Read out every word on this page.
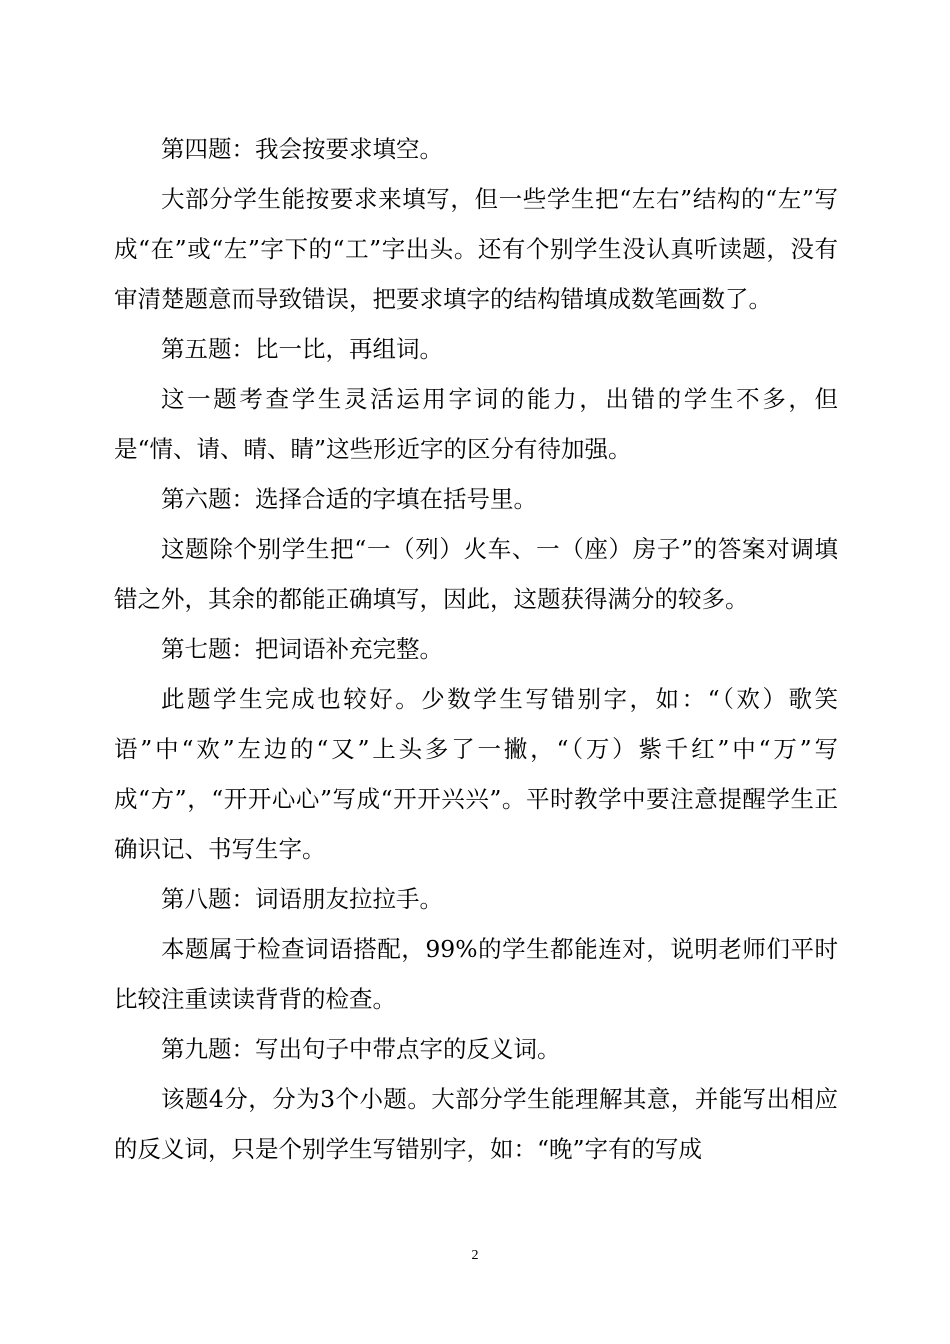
第四题：我会按要求填空。

大部分学生能按要求来填写，但一些学生把“左右”结构的“左”写成“在”或“左”字下的“工”字出头。还有个别学生没认真听读题，没有审清楚题意而导致错误，把要求填字的结构错填成数笔画数了。

第五题：比一比，再组词。

这一题考查学生灵活运用字词的能力，出错的学生不多，但是“情、请、晴、睛”这些形近字的区分有待加强。

第六题：选择合适的字填在括号里。

这题除个别学生把“一（列）火车、一（座）房子”的答案对调填错之外，其余的都能正确填写，因此，这题获得满分的较多。

第七题：把词语补充完整。

此题学生完成也较好。少数学生写错别字，如：“（欢）歌笑语”中“欢”左边的“又”上头多了一撇，“（万）紫千红”中“万”写成“方”，“开开心心”写成“开开兴兴”。平时教学中要注意提醒学生正确识记、书写生字。

第八题：词语朋友拉拉手。

本题属于检查词语搭配，99%的学生都能连对，说明老师们平时比较注重读读背背的检查。

第九题：写出句子中带点字的反义词。

该题4分，分为3个小题。大部分学生能理解其意，并能写出相应的反义词，只是个别学生写错别字，如：“晚”字有的写成

2
